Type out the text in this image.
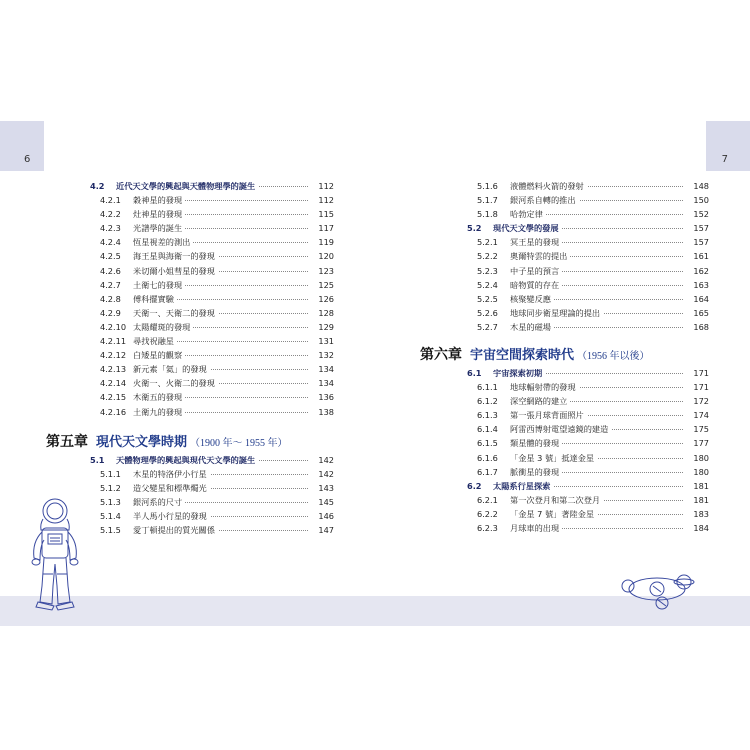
6	7
4.2 近代天文學的興起與天體物理學的誕生	112
4.2.1 穀神星的發現	112
4.2.2 灶神星的發現	115
4.2.3 光譜學的誕生	117
4.2.4 恆星視差的測出	119
4.2.5 海王星與海衛一的發現	120
4.2.6 米切爾小姐彗星的發現	123
4.2.7 土衛七的發現	125
4.2.8 傅科擺實驗	126
4.2.9 天衛一、天衛二的發現	128
4.2.10 太陽耀斑的發現	129
4.2.11 尋找祝融星	131
4.2.12 白矮星的觀察	132
4.2.13 新元素「氦」的發現	134
4.2.14 火衛一、火衛二的發現	134
4.2.15 木衛五的發現	136
4.2.16 土衛九的發現	138
第五章 現代天文學時期 （1900 年～ 1955 年）
5.1 天體物理學的興起與現代天文學的誕生	142
5.1.1 木星的特洛伊小行星	142
5.1.2 造父變星和標準燭光	143
5.1.3 銀河系的尺寸	145
5.1.4 半人馬小行星的發現	146
5.1.5 愛丁頓提出的質光關係	147
5.1.6 液體燃料火箭的發射	148
5.1.7 銀河系自轉的推出	150
5.1.8 哈勃定律	152
5.2 現代天文學的發展	157
5.2.1 冥王星的發現	157
5.2.2 奧爾特雲的提出	161
5.2.3 中子星的預言	162
5.2.4 暗物質的存在	163
5.2.5 核聚變反應	164
5.2.6 地球同步衛星理論的提出	165
5.2.7 木星的磁場	168
第六章 宇宙空間探索時代 （1956 年以後）
6.1 宇宙探索初期	171
6.1.1 地球輻射帶的發現	171
6.1.2 深空網路的建立	172
6.1.3 第一張月球背面照片	174
6.1.4 阿雷西博射電望遠鏡的建造	175
6.1.5 類星體的發現	177
6.1.6 「金星 3 號」抵達金星	180
6.1.7 脈衝星的發現	180
6.2 太陽系行星探索	181
6.2.1 第一次登月和第二次登月	181
6.2.2 「金星 7 號」著陸金星	183
6.2.3 月球車的出現	184
